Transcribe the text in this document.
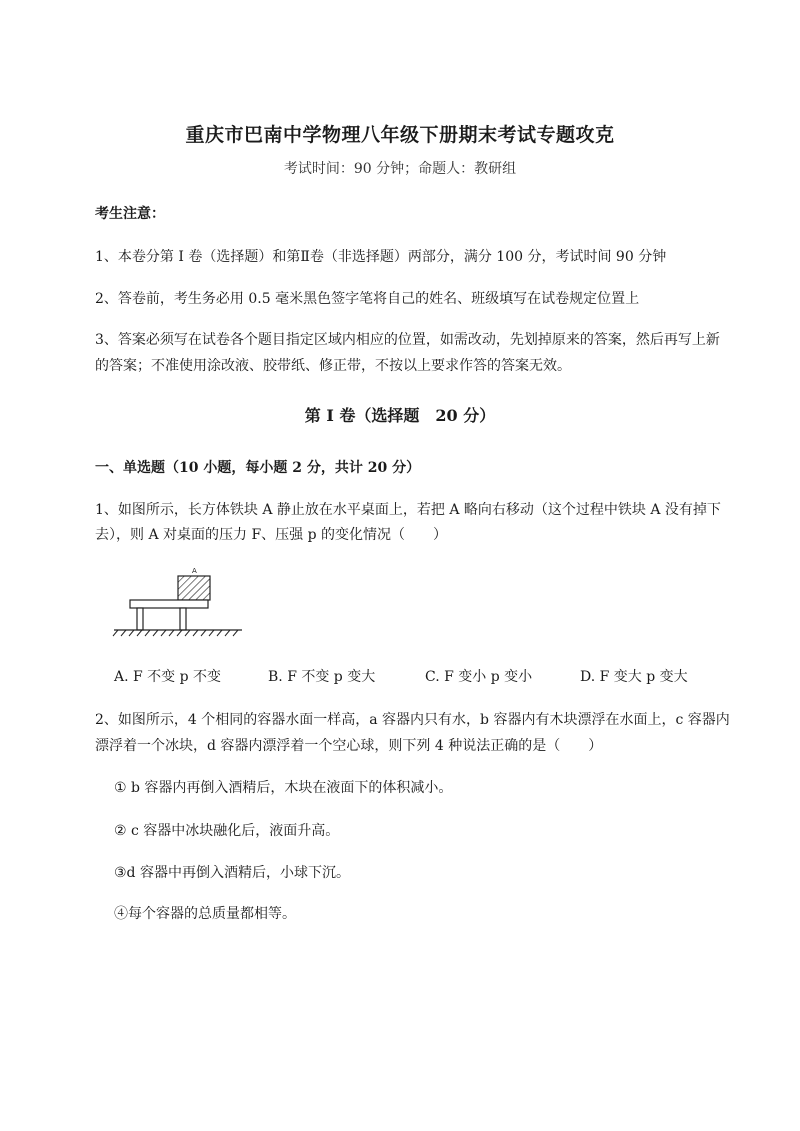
重庆市巴南中学物理八年级下册期末考试专题攻克
考试时间：90 分钟；命题人：教研组
考生注意：
1、本卷分第 I 卷（选择题）和第Ⅱ卷（非选择题）两部分，满分 100 分，考试时间 90 分钟
2、答卷前，考生务必用 0.5 毫米黑色签字笔将自己的姓名、班级填写在试卷规定位置上
3、答案必须写在试卷各个题目指定区域内相应的位置，如需改动，先划掉原来的答案，然后再写上新
的答案；不准使用涂改液、胶带纸、修正带，不按以上要求作答的答案无效。
第 I 卷（选择题　20 分）
一、单选题（10 小题，每小题 2 分，共计 20 分）
1、如图所示，长方体铁块 A 静止放在水平桌面上，若把 A 略向右移动（这个过程中铁块 A 没有掉下
去），则 A 对桌面的压力 F、压强 p 的变化情况（　　）
A
A. F 不变 p 不变	B. F 不变 p 变大	C. F 变小 p 变小	D. F 变大 p 变大
2、如图所示，4 个相同的容器水面一样高，a 容器内只有水，b 容器内有木块漂浮在水面上，c 容器内
漂浮着一个冰块，d 容器内漂浮着一个空心球，则下列 4 种说法正确的是（　　）
① b 容器内再倒入酒精后，木块在液面下的体积减小。
② c 容器中冰块融化后，液面升高。
③d 容器中再倒入酒精后，小球下沉。
④每个容器的总质量都相等。
